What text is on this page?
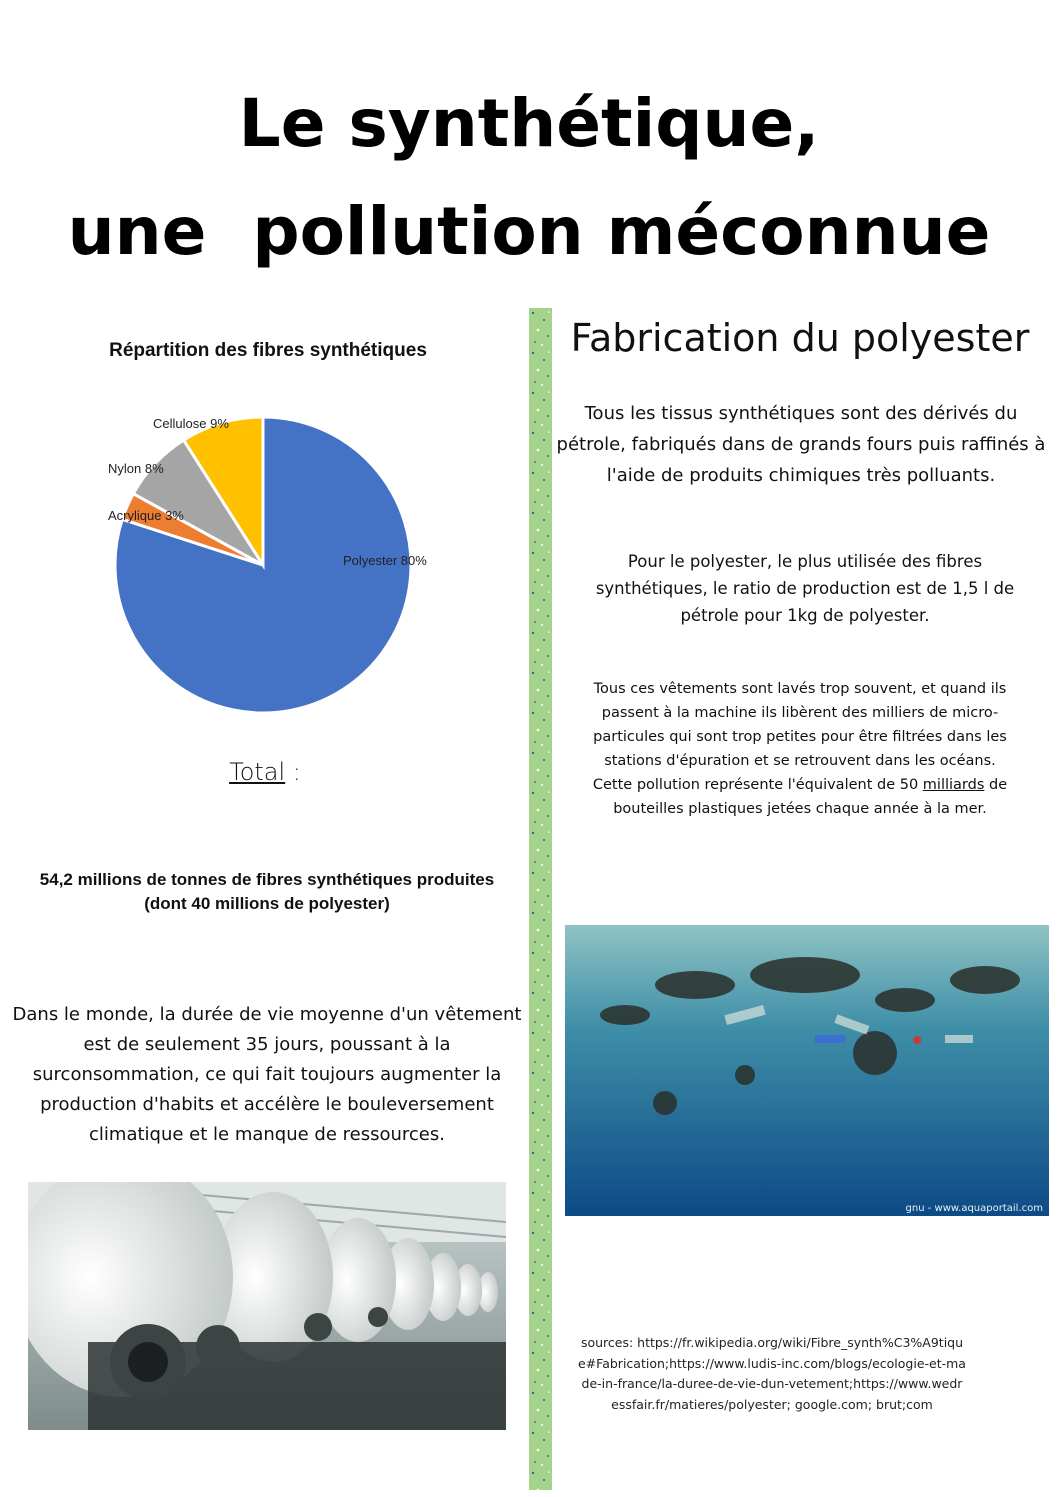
Le synthétique,
une  pollution méconnue
Répartition des fibres synthétiques
Polyester 80%
Acrylique 3%
Nylon 8%
Cellulose 9%
Total :
54,2 millions de tonnes de fibres synthétiques produites
(dont 40 millions de polyester)
Dans le monde, la durée de vie moyenne d'un vêtement est de seulement 35 jours, poussant à la surconsommation, ce qui fait toujours augmenter la production d'habits et accélère le bouleversement climatique et le manque de ressources.
Fabrication du polyester
Tous les tissus synthétiques sont des dérivés du pétrole, fabriqués dans de grands fours puis raffinés à l'aide de produits chimiques très polluants.
Pour le polyester, le plus utilisée des fibres synthétiques, le ratio de production est de 1,5 l de pétrole pour 1kg de polyester.
Tous ces vêtements sont lavés trop souvent, et quand ils passent à la machine ils libèrent des milliers de micro-particules qui sont trop petites pour être filtrées dans les stations d'épuration et se retrouvent dans les océans. Cette pollution représente l'équivalent de 50 milliards de bouteilles plastiques jetées chaque année à la mer.
gnu - www.aquaportail.com
sources: https://fr.wikipedia.org/wiki/Fibre_synth%C3%A9tique#Fabrication;https://www.ludis-inc.com/blogs/ecologie-et-made-in-france/la-duree-de-vie-dun-vetement;https://www.wedressfair.fr/matieres/polyester; google.com; brut;com
